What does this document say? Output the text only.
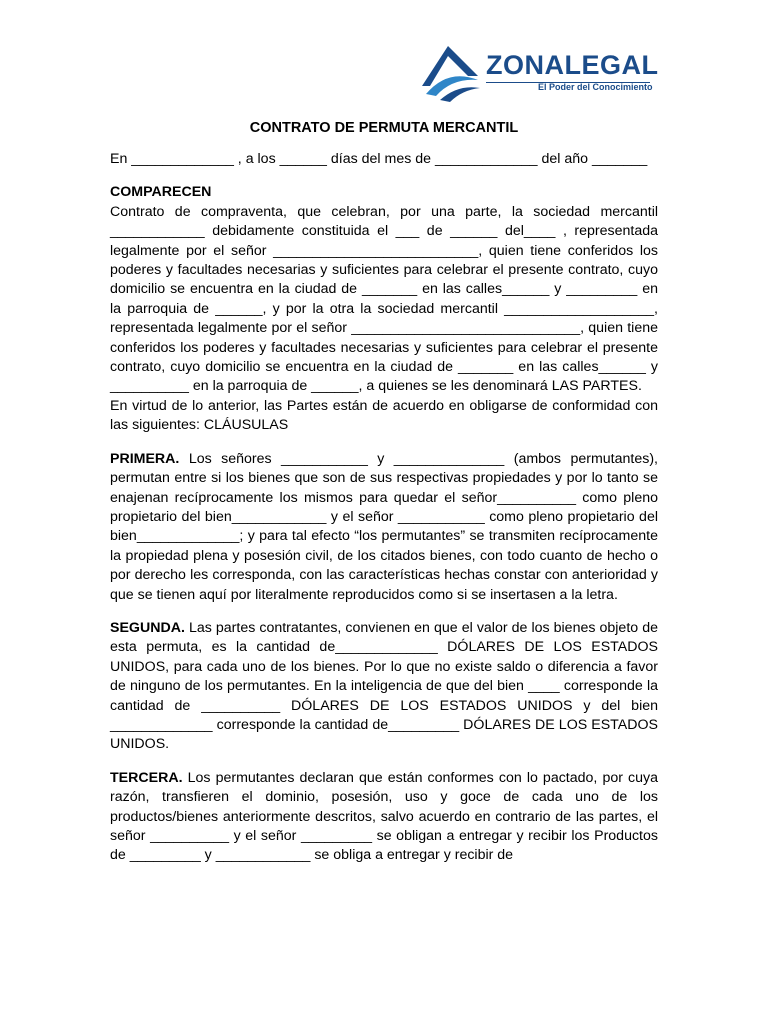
ZONALEGAL
El Poder del Conocimiento
CONTRATO DE PERMUTA MERCANTIL

En _____________ , a los ______ días del mes de _____________ del año _______

COMPARECEN

Contrato de compraventa, que celebran, por una parte, la sociedad mercantil ____________ debidamente constituida el ___ de ______ del____ , representada legalmente por el señor __________________________, quien tiene conferidos los poderes y facultades necesarias y suficientes para celebrar el presente contrato, cuyo domicilio se encuentra en la ciudad de _______ en las calles______ y _________ en la parroquia de ______, y por la otra la sociedad mercantil ___________________, representada legalmente por el señor _____________________________, quien tiene conferidos los poderes y facultades necesarias y suficientes para celebrar el presente contrato, cuyo domicilio se encuentra en la ciudad de _______ en las calles______ y __________ en la parroquia de ______, a quienes se les denominará LAS PARTES.

En virtud de lo anterior, las Partes están de acuerdo en obligarse de conformidad con las siguientes: CLÁUSULAS

PRIMERA. Los señores ___________ y ______________ (ambos permutantes), permutan entre si los bienes que son de sus respectivas propiedades y por lo tanto se enajenan recíprocamente los mismos para quedar el señor__________ como pleno propietario del bien____________ y el señor ___________ como pleno propietario del bien_____________; y para tal efecto “los permutantes” se transmiten recíprocamente la propiedad plena y posesión civil, de los citados bienes, con todo cuanto de hecho o por derecho les corresponda, con las características hechas constar con anterioridad y que se tienen aquí por literalmente reproducidos como si se insertasen a la letra.

SEGUNDA. Las partes contratantes, convienen en que el valor de los bienes objeto de esta permuta, es la cantidad de_____________ DÓLARES DE LOS ESTADOS UNIDOS, para cada uno de los bienes. Por lo que no existe saldo o diferencia a favor de ninguno de los permutantes. En la inteligencia de que del bien ____ corresponde la cantidad de __________ DÓLARES DE LOS ESTADOS UNIDOS y del bien _____________ corresponde la cantidad de_________ DÓLARES DE LOS ESTADOS UNIDOS.

TERCERA. Los permutantes declaran que están conformes con lo pactado, por cuya razón, transfieren el dominio, posesión, uso y goce de cada uno de los productos/bienes anteriormente descritos, salvo acuerdo en contrario de las partes, el señor __________ y el señor _________ se obligan a entregar y recibir los Productos de _________ y ____________ se obliga a entregar y recibir de
